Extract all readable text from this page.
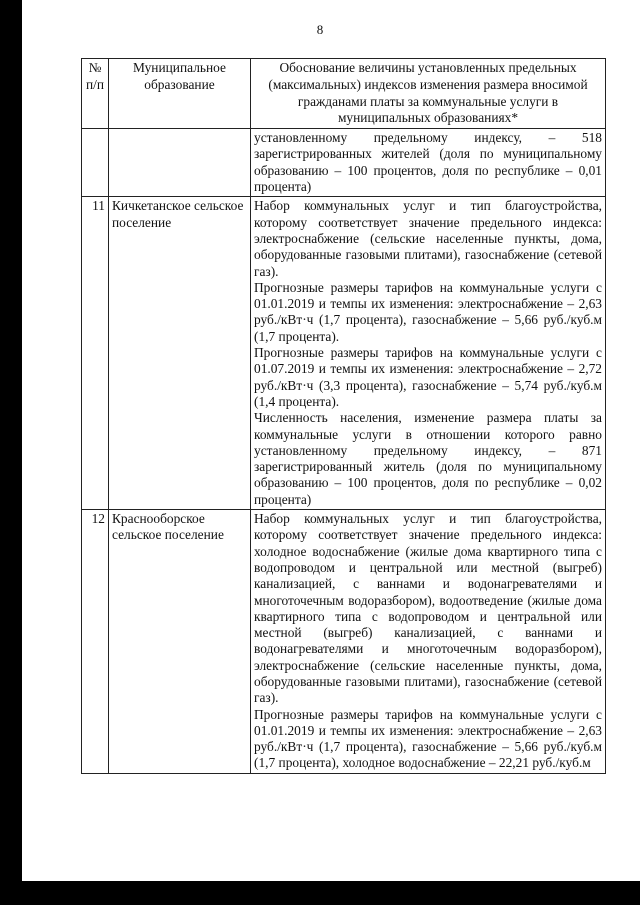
8
№ п/п	Муниципальное образование	Обоснование величины установленных предельных (максимальных) индексов изменения размера вносимой гражданами платы за коммунальные услуги в муниципальных образованиях*

		установленному предельному индексу, – 518 зарегистрированных жителей (доля по муниципальному образованию – 100 процентов, доля по республике – 0,01 процента)

11	Кичкетанское сельское поселение	Набор коммунальных услуг и тип благоустройства, которому соответствует значение предельного индекса: электроснабжение (сельские населенные пункты, дома, оборудованные газовыми плитами), газоснабжение (сетевой газ).

Прогнозные размеры тарифов на коммунальные услуги с 01.01.2019 и темпы их изменения: электроснабжение – 2,63 руб./кВт·ч (1,7 процента), газоснабжение – 5,66 руб./куб.м (1,7 процента).

Прогнозные размеры тарифов на коммунальные услуги с 01.07.2019 и темпы их изменения: электроснабжение – 2,72 руб./кВт·ч (3,3 процента), газоснабжение – 5,74 руб./куб.м (1,4 процента).

Численность населения, изменение размера платы за коммунальные услуги в отношении которого равно установленному предельному индексу, – 871 зарегистрированный житель (доля по муниципальному образованию – 100 процентов, доля по республике – 0,02 процента)

12	Краснооборское сельское поселение	Набор коммунальных услуг и тип благоустройства, которому соответствует значение предельного индекса: холодное водоснабжение (жилые дома квартирного типа с водопроводом и центральной или местной (выгреб) канализацией, с ваннами и водонагревателями и многоточечным водоразбором), водоотведение (жилые дома квартирного типа с водопроводом и центральной или местной (выгреб) канализацией, с ваннами и водонагревателями и многоточечным водоразбором), электроснабжение (сельские населенные пункты, дома, оборудованные газовыми плитами), газоснабжение (сетевой газ).

Прогнозные размеры тарифов на коммунальные услуги с 01.01.2019 и темпы их изменения: электроснабжение – 2,63 руб./кВт·ч (1,7 процента), газоснабжение – 5,66 руб./куб.м (1,7 процента), холодное водоснабжение – 22,21 руб./куб.м
